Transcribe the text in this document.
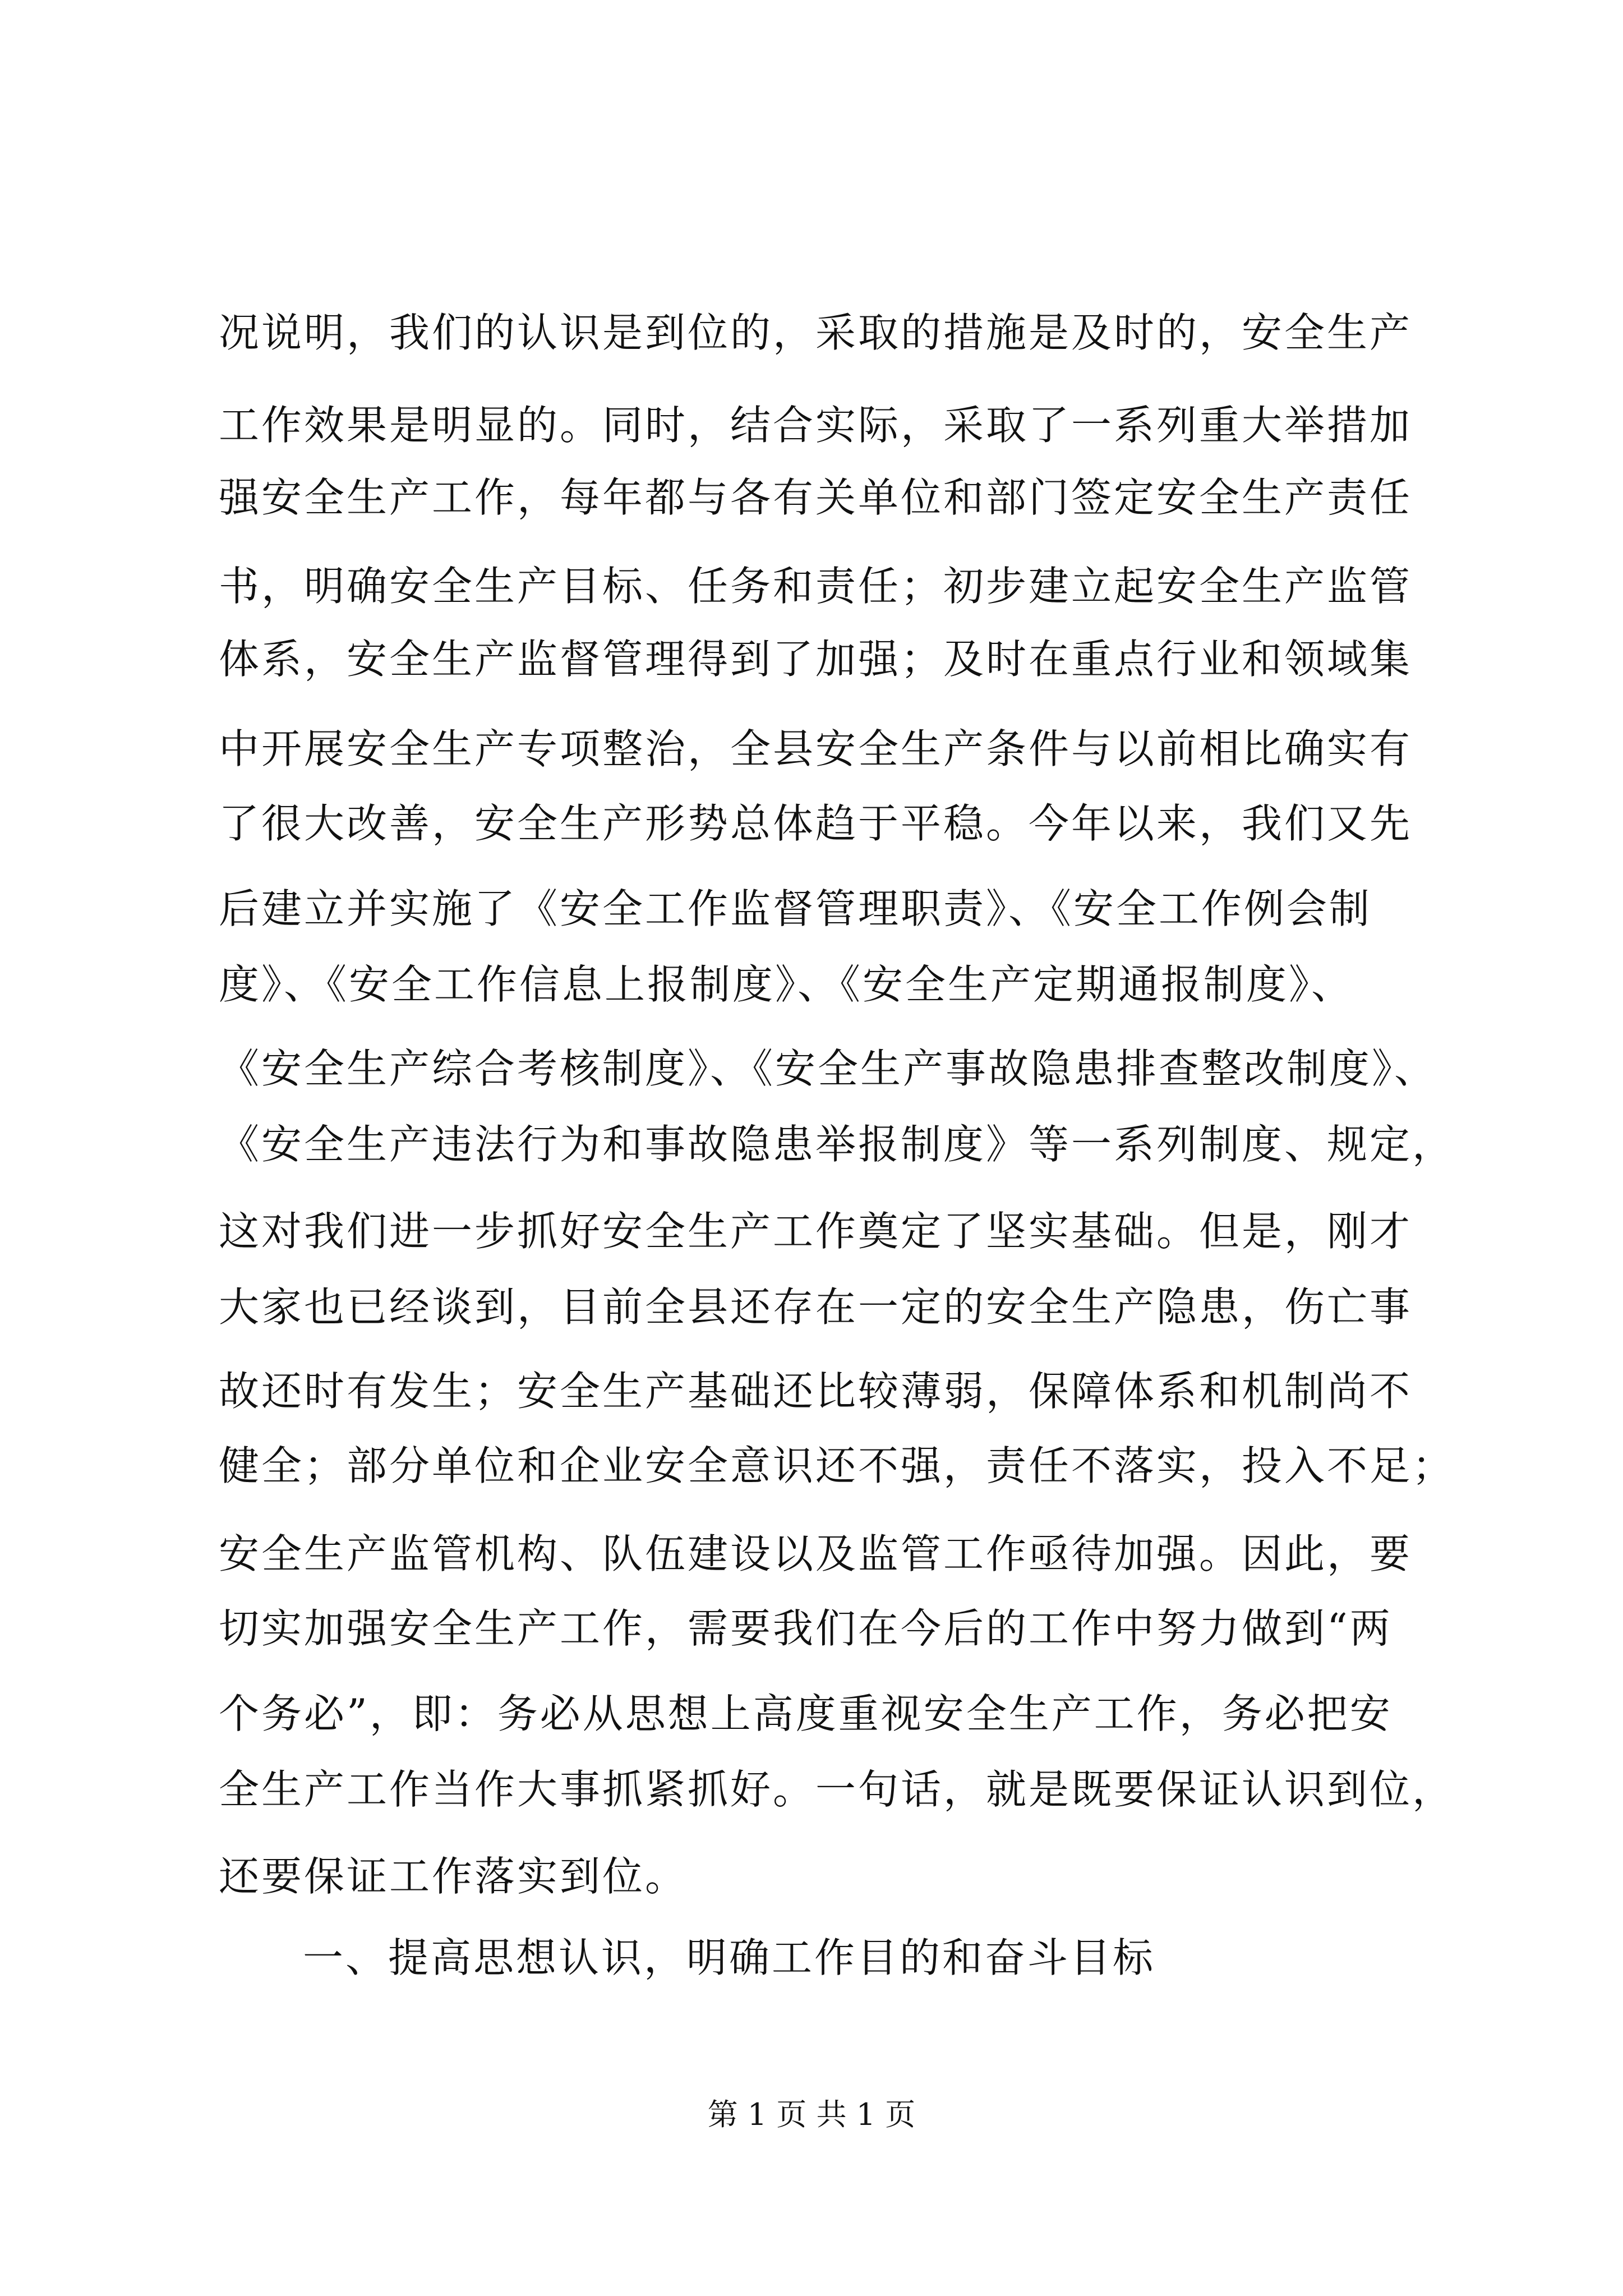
况说明，我们的认识是到位的，采取的措施是及时的，安全生产
工作效果是明显的。同时，结合实际，采取了一系列重大举措加
强安全生产工作，每年都与各有关单位和部门签定安全生产责任
书，明确安全生产目标、任务和责任；初步建立起安全生产监管
体系，安全生产监督管理得到了加强；及时在重点行业和领域集
中开展安全生产专项整治，全县安全生产条件与以前相比确实有
了很大改善，安全生产形势总体趋于平稳。今年以来，我们又先
后建立并实施了《安全工作监督管理职责》、《安全工作例会制
度》、《安全工作信息上报制度》、《安全生产定期通报制度》、
《安全生产综合考核制度》、《安全生产事故隐患排查整改制度》、
《安全生产违法行为和事故隐患举报制度》等一系列制度、规定，
这对我们进一步抓好安全生产工作奠定了坚实基础。但是，刚才
大家也已经谈到，目前全县还存在一定的安全生产隐患，伤亡事
故还时有发生；安全生产基础还比较薄弱，保障体系和机制尚不
健全；部分单位和企业安全意识还不强，责任不落实，投入不足；
安全生产监管机构、队伍建设以及监管工作亟待加强。因此，要
切实加强安全生产工作，需要我们在今后的工作中努力做到“两
个务必”，即：务必从思想上高度重视安全生产工作，务必把安
全生产工作当作大事抓紧抓好。一句话，就是既要保证认识到位，
还要保证工作落实到位。
一、提高思想认识，明确工作目的和奋斗目标
第 1 页 共 1 页
